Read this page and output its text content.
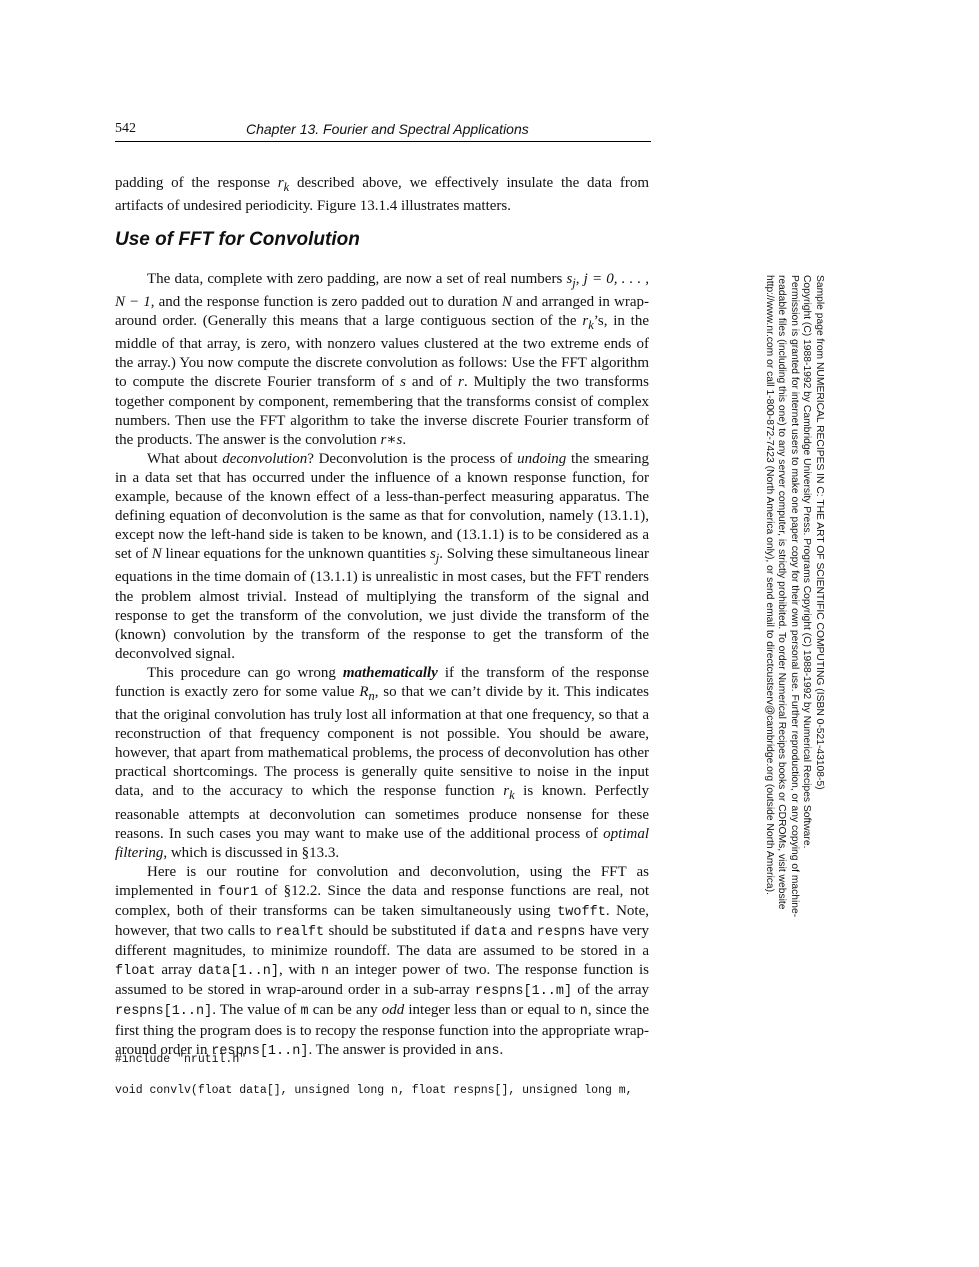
542	Chapter 13. Fourier and Spectral Applications

padding of the response $r_k$ described above, we effectively insulate the data from artifacts of undesired periodicity. Figure 13.1.4 illustrates matters.

Use of FFT for Convolution

The data, complete with zero padding, are now a set of real numbers $s_j$, j = 0, . . . , N − 1, and the response function is zero padded out to duration N and arranged in wrap-around order. (Generally this means that a large contiguous section of the $r_k’s$, in the middle of that array, is zero, with nonzero values clustered at the two extreme ends of the array.) You now compute the discrete convolution as follows: Use the FFT algorithm to compute the discrete Fourier transform of s and of r. Multiply the two transforms together component by component, remembering that the transforms consist of complex numbers. Then use the FFT algorithm to take the inverse discrete Fourier transform of the products. The answer is the convolution r∗s.

What about deconvolution? Deconvolution is the process of undoing the smearing in a data set that has occurred under the influence of a known response function, for example, because of the known effect of a less-than-perfect measuring apparatus. The defining equation of deconvolution is the same as that for convolution, namely (13.1.1), except now the left-hand side is taken to be known, and (13.1.1) is to be considered as a set of N linear equations for the unknown quantities $s_j$. Solving these simultaneous linear equations in the time domain of (13.1.1) is unrealistic in most cases, but the FFT renders the problem almost trivial. Instead of multiplying the transform of the signal and response to get the transform of the convolution, we just divide the transform of the (known) convolution by the transform of the response to get the transform of the deconvolved signal.

This procedure can go wrong mathematically if the transform of the response function is exactly zero for some value $R_n$, so that we can’t divide by it. This indicates that the original convolution has truly lost all information at that one frequency, so that a reconstruction of that frequency component is not possible. You should be aware, however, that apart from mathematical problems, the process of deconvolution has other practical shortcomings. The process is generally quite sensitive to noise in the input data, and to the accuracy to which the response function $r_k$ is known. Perfectly reasonable attempts at deconvolution can sometimes produce nonsense for these reasons. In such cases you may want to make use of the additional process of optimal filtering, which is discussed in §13.3.

Here is our routine for convolution and deconvolution, using the FFT as implemented in four1 of §12.2. Since the data and response functions are real, not complex, both of their transforms can be taken simultaneously using twofft. Note, however, that two calls to realft should be substituted if data and respns have very different magnitudes, to minimize roundoff. The data are assumed to be stored in a float array data[1..n], with n an integer power of two. The response function is assumed to be stored in wrap-around order in a sub-array respns[1..m] of the array respns[1..n]. The value of m can be any odd integer less than or equal to n, since the first thing the program does is to recopy the response function into the appropriate wrap-around order in respns[1..n]. The answer is provided in ans.

#include "nrutil.h"
void convlv(float data[], unsigned long n, float respns[], unsigned long m,
Sample page from NUMERICAL RECIPES IN C: THE ART OF SCIENTIFIC COMPUTING (ISBN 0-521-43108-5)
Copyright (C) 1988-1992 by Cambridge University Press. Programs Copyright (C) 1988-1992 by Numerical Recipes Software.
Permission is granted for internet users to make one paper copy for their own personal use. Further reproduction, or any copying of machine-
readable files (including this one) to any server computer, is strictly prohibited. To order Numerical Recipes books or CDROMs, visit website
http://www.nr.com or call 1-800-872-7423 (North America only), or send email to directcustserv@cambridge.org (outside North America).
